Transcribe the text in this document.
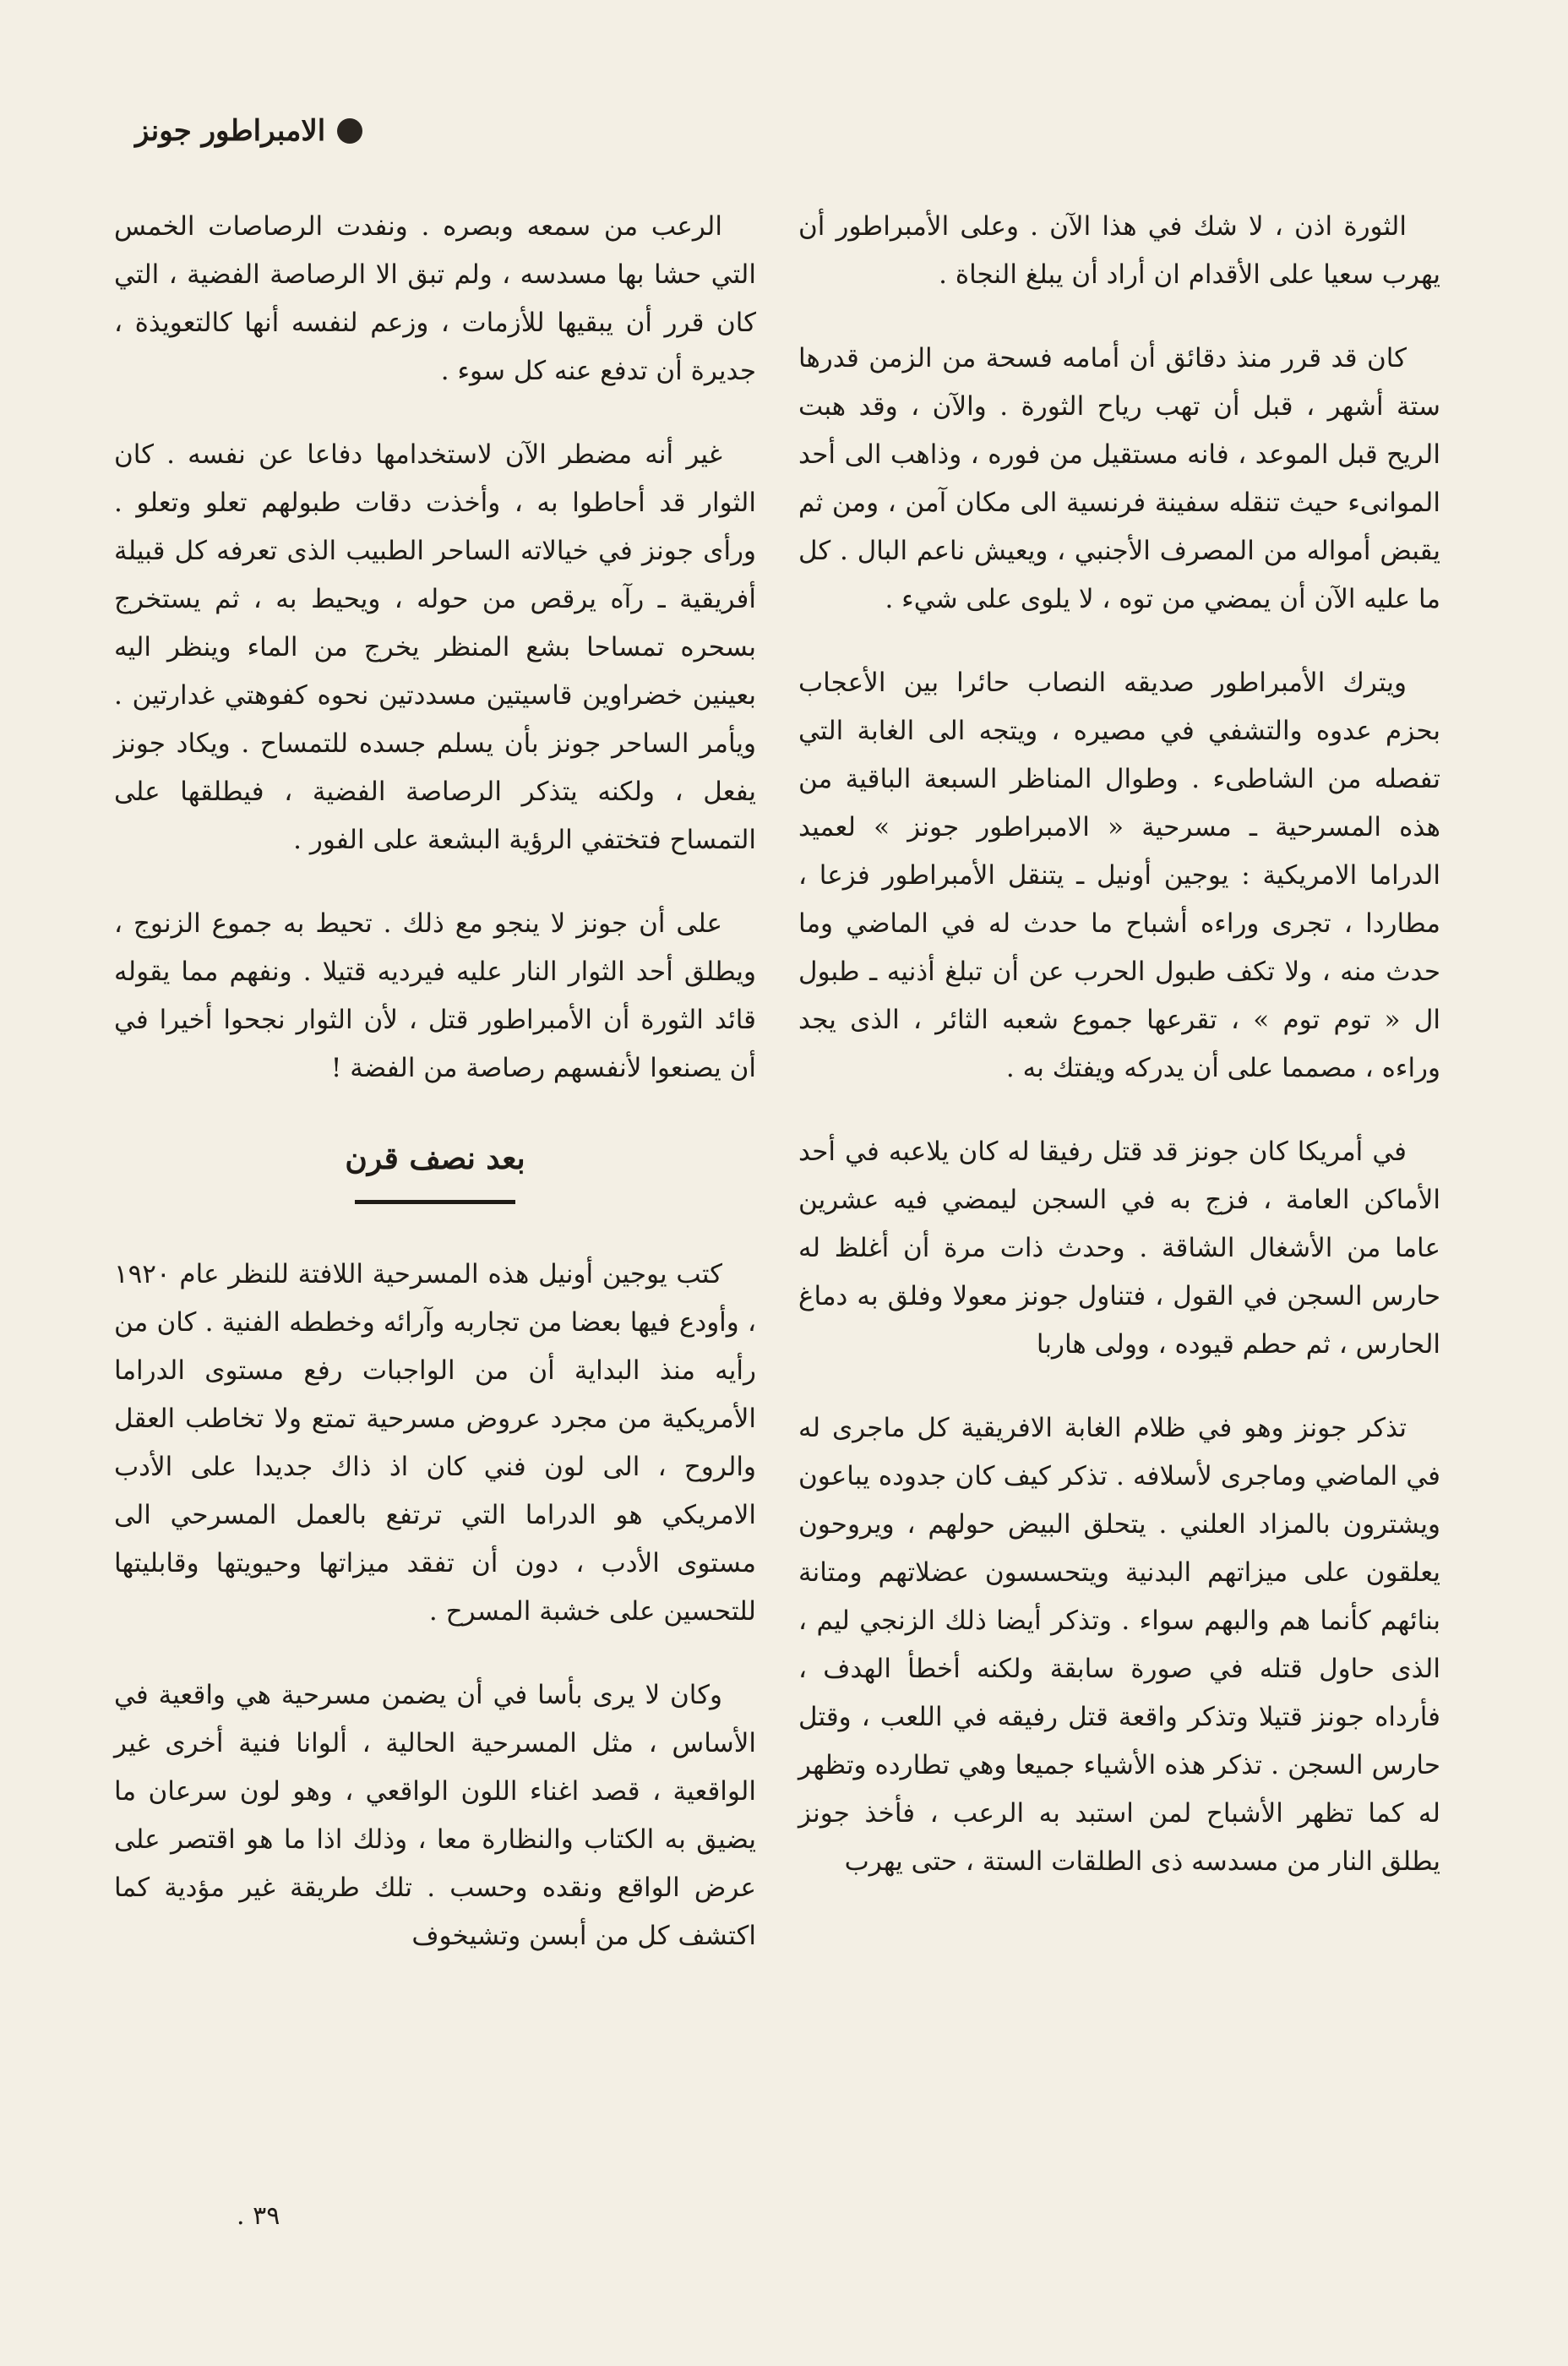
الامبراطور جونز

الثورة اذن ، لا شك في هذا الآن . وعلى الأمبراطور أن يهرب سعيا على الأقدام ان أراد أن يبلغ النجاة .

كان قد قرر منذ دقائق أن أمامه فسحة من الزمن قدرها ستة أشهر ، قبل أن تهب رياح الثورة . والآن ، وقد هبت الريح قبل الموعد ، فانه مستقيل من فوره ، وذاهب الى أحد الموانىء حيث تنقله سفينة فرنسية الى مكان آمن ، ومن ثم يقبض أمواله من المصرف الأجنبي ، ويعيش ناعم البال . كل ما عليه الآن أن يمضي من توه ، لا يلوى على شيء .

ويترك الأمبراطور صديقه النصاب حائرا بين الأعجاب بحزم عدوه والتشفي في مصيره ، ويتجه الى الغابة التي تفصله من الشاطىء . وطوال المناظر السبعة الباقية من هذه المسرحية ـ مسرحية « الامبراطور جونز » لعميد الدراما الامريكية : يوجين أونيل ـ يتنقل الأمبراطور فزعا ، مطاردا ، تجرى وراءه أشباح ما حدث له في الماضي وما حدث منه ، ولا تكف طبول الحرب عن أن تبلغ أذنيه ـ طبول ال « توم توم » ، تقرعها جموع شعبه الثائر ، الذى يجد وراءه ، مصمما على أن يدركه ويفتك به .

في أمريكا كان جونز قد قتل رفيقا له كان يلاعبه في أحد الأماكن العامة ، فزج به في السجن ليمضي فيه عشرين عاما من الأشغال الشاقة . وحدث ذات مرة أن أغلظ له حارس السجن في القول ، فتناول جونز معولا وفلق به دماغ الحارس ، ثم حطم قيوده ، وولى هاربا

تذكر جونز وهو في ظلام الغابة الافريقية كل ماجرى له في الماضي وماجرى لأسلافه . تذكر كيف كان جدوده يباعون ويشترون بالمزاد العلني . يتحلق البيض حولهم ، ويروحون يعلقون على ميزاتهم البدنية ويتحسسون عضلاتهم ومتانة بنائهم كأنما هم والبهم سواء . وتذكر أيضا ذلك الزنجي ليم ، الذى حاول قتله في صورة سابقة ولكنه أخطأ الهدف ، فأرداه جونز قتيلا وتذكر واقعة قتل رفيقه في اللعب ، وقتل حارس السجن . تذكر هذه الأشياء جميعا وهي تطارده وتظهر له كما تظهر الأشباح لمن استبد به الرعب ، فأخذ جونز يطلق النار من مسدسه ذى الطلقات الستة ، حتى يهرب

الرعب من سمعه وبصره . ونفدت الرصاصات الخمس التي حشا بها مسدسه ، ولم تبق الا الرصاصة الفضية ، التي كان قرر أن يبقيها للأزمات ، وزعم لنفسه أنها كالتعويذة ، جديرة أن تدفع عنه كل سوء .

غير أنه مضطر الآن لاستخدامها دفاعا عن نفسه . كان الثوار قد أحاطوا به ، وأخذت دقات طبولهم تعلو وتعلو . ورأى جونز في خيالاته الساحر الطبيب الذى تعرفه كل قبيلة أفريقية ـ رآه يرقص من حوله ، ويحيط به ، ثم يستخرج بسحره تمساحا بشع المنظر يخرج من الماء وينظر اليه بعينين خضراوين قاسيتين مسددتين نحوه كفوهتي غدارتين . ويأمر الساحر جونز بأن يسلم جسده للتمساح . ويكاد جونز يفعل ، ولكنه يتذكر الرصاصة الفضية ، فيطلقها على التمساح فتختفي الرؤية البشعة على الفور .

على أن جونز لا ينجو مع ذلك . تحيط به جموع الزنوج ، ويطلق أحد الثوار النار عليه فيرديه قتيلا . ونفهم مما يقوله قائد الثورة أن الأمبراطور قتل ، لأن الثوار نجحوا أخيرا في أن يصنعوا لأنفسهم رصاصة من الفضة !

بعد نصف قرن

كتب يوجين أونيل هذه المسرحية اللافتة للنظر عام ١٩٢٠ ، وأودع فيها بعضا من تجاربه وآرائه وخططه الفنية . كان من رأيه منذ البداية أن من الواجبات رفع مستوى الدراما الأمريكية من مجرد عروض مسرحية تمتع ولا تخاطب العقل والروح ، الى لون فني كان اذ ذاك جديدا على الأدب الامريكي هو الدراما التي ترتفع بالعمل المسرحي الى مستوى الأدب ، دون أن تفقد ميزاتها وحيويتها وقابليتها للتحسين على خشبة المسرح .

وكان لا يرى بأسا في أن يضمن مسرحية هي واقعية في الأساس ، مثل المسرحية الحالية ، ألوانا فنية أخرى غير الواقعية ، قصد اغناء اللون الواقعي ، وهو لون سرعان ما يضيق به الكتاب والنظارة معا ، وذلك اذا ما هو اقتصر على عرض الواقع ونقده وحسب . تلك طريقة غير مؤدية كما اكتشف كل من أبسن وتشيخوف

٣٩ .
